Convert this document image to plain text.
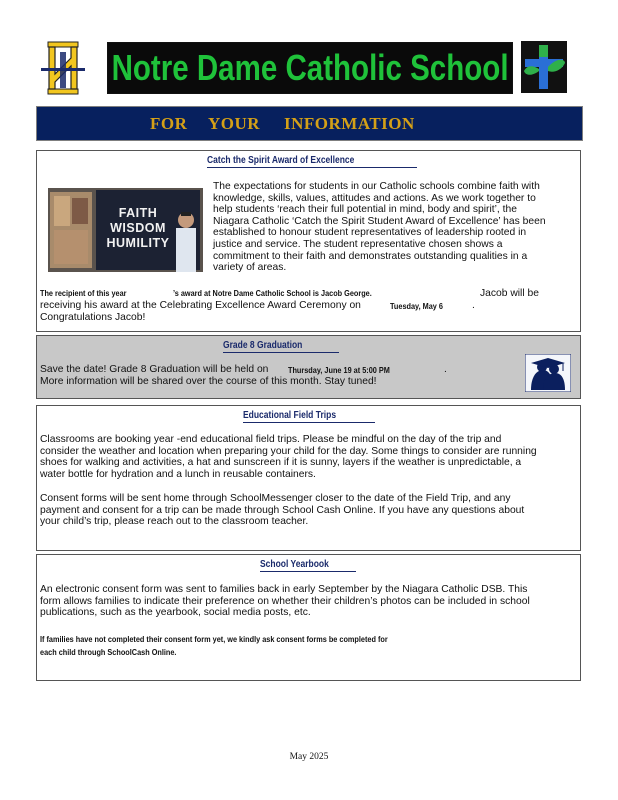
Notre Dame Catholic School
FOR YOUR INFORMATION
Catch the Spirit Award of Excellence
FAITH
WISDOM
HUMILITY
The expectations for students in our Catholic schools combine faith with
knowledge, skills, values, attitudes and actions. As we work together to
help students ‘reach their full potential in mind, body and spirit’, the
Niagara Catholic ‘Catch the Spirit Student Award of Excellence’ has been
established to honour student representatives of leadership rooted in
justice and service. The student representative chosen shows a
commitment to their faith and demonstrates outstanding qualities in a
variety of areas.
The recipient of this year	’s award at Notre Dame Catholic School is Jacob George.	Jacob will be
receiving his award at the Celebrating Excellence Award Ceremony on	Tuesday, May 6	.
Congratulations Jacob!
Grade 8 Graduation
Save the date! Grade 8 Graduation will be held on Thursday, June 19 at 5:00 PM	.
More information will be shared over the course of this month. Stay tuned!
Educational Field Trips
Classrooms are booking year -end educational field trips. Please be mindful on the day of the trip and
consider the weather and location when preparing your child for the day. Some things to consider are running
shoes for walking and activities, a hat and sunscreen if it is sunny, layers if the weather is unpredictable, a
water bottle for hydration and a lunch in reusable containers.
Consent forms will be sent home through SchoolMessenger closer to the date of the Field Trip, and any
payment and consent for a trip can be made through School Cash Online. If you have any questions about
your child’s trip, please reach out to the classroom teacher.
School Yearbook
An electronic consent form was sent to families back in early September by the Niagara Catholic DSB. This
form allows families to indicate their preference on whether their children’s photos can be included in school
publications, such as the yearbook, social media posts, etc.
If families have not completed their consent form yet, we kindly ask consent forms be completed for
each child through SchoolCash Online.
May 2025
